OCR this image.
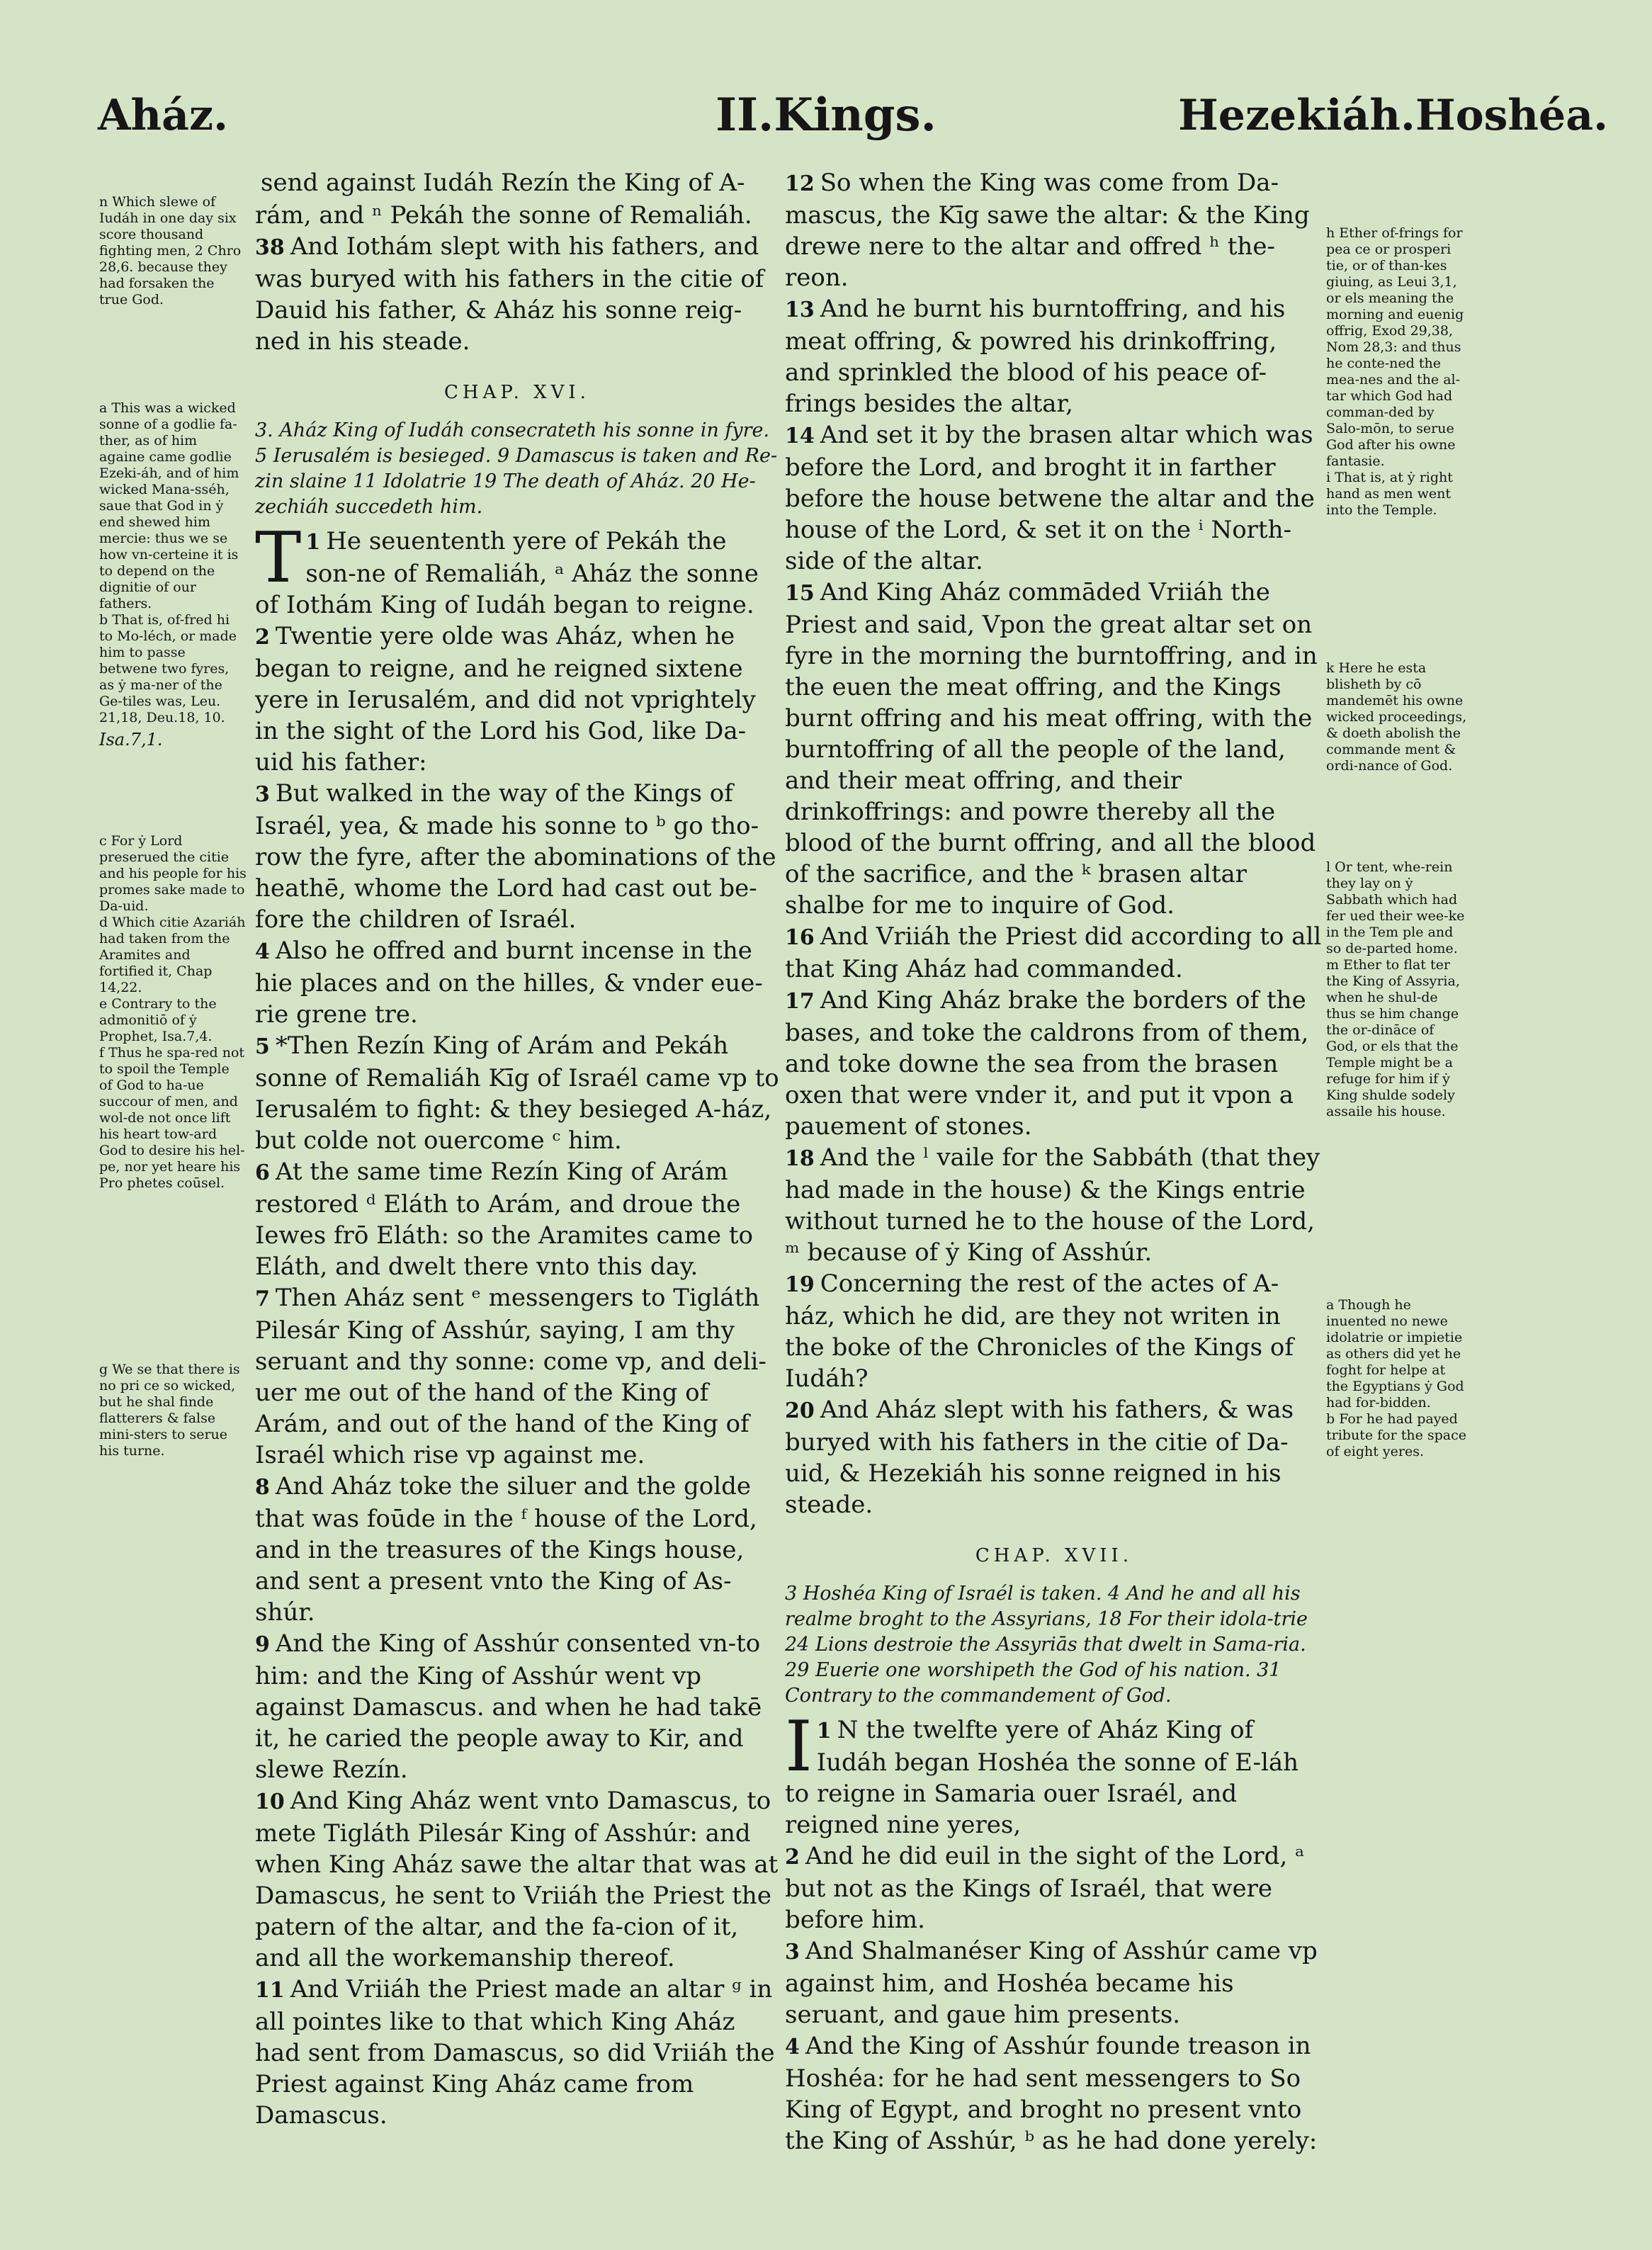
Aház.	II.Kings.	Hezekiáh.Hoshéa.

n Which slewe of Iudáh in one day six score thousand fighting men, 2 Chro 28,6. because they had forsaken the true God.

a This was a wicked sonne of a godlie fa-ther, as of him againe came godlie Ezeki-áh, and of him wicked Mana-sséh, saue that God in ẏ end shewed him mercie: thus we se how vn-certeine it is to depend on the dignitie of our fathers.

b That is, of-fred hi to Mo-léch, or made him to passe betwene two fyres, as ẏ ma-ner of the Ge-tiles was, Leu. 21,18, Deu.18, 10.

Isa.7,1.

c For ẏ Lord preserued the citie and his people for his promes sake made to Da-uid.

d Which citie Azariáh had taken from the Aramites and fortified it, Chap 14,22.

e Contrary to the admonitiō of ẏ Prophet, Isa.7,4.

f Thus he spa-red not to spoil the Temple of God to ha-ue succour of men, and wol-de not once lift his heart tow-ard God to desire his hel-pe, nor yet heare his Pro phetes coūsel.

g We se that there is no pri ce so wicked, but he shal finde flatterers & false mini-sters to serue his turne.

send against Iudáh Rezín the King of A-rám, and ⁿ Pekáh the sonne of Remaliáh.

38 And Iothám slept with his fathers, and was buryed with his fathers in the citie of Dauid his father, & Aház his sonne reig-ned in his steade.

CHAP. XVI.

3. Aház King of Iudáh consecrateth his sonne in fyre. 5 Ierusalém is besieged. 9 Damascus is taken and Re-zin slaine 11 Idolatrie 19 The death of Aház. 20 He-zechiáh succedeth him.

T 1 He seuententh yere of Pekáh the son-ne of Remaliáh, ᵃ Aház the sonne of Iothám King of Iudáh began to reigne.

2 Twentie yere olde was Aház, when he began to reigne, and he reigned sixtene yere in Ierusalém, and did not vprightely in the sight of the Lord his God, like Da-uid his father:

3 But walked in the way of the Kings of Israél, yea, & made his sonne to ᵇ go tho-row the fyre, after the abominations of the heathē, whome the Lord had cast out be-fore the children of Israél.

4 Also he offred and burnt incense in the hie places and on the hilles, & vnder eue-rie grene tre.

5 *Then Rezín King of Arám and Pekáh sonne of Remaliáh Kīg of Israél came vp to Ierusalém to fight: & they besieged A-ház, but colde not ouercome ᶜ him.

6 At the same time Rezín King of Arám restored ᵈ Eláth to Arám, and droue the Iewes frō Eláth: so the Aramites came to Eláth, and dwelt there vnto this day.

7 Then Aház sent ᵉ messengers to Tigláth Pilesár King of Asshúr, saying, I am thy seruant and thy sonne: come vp, and deli-uer me out of the hand of the King of Arám, and out of the hand of the King of Israél which rise vp against me.

8 And Aház toke the siluer and the golde that was foūde in the ᶠ house of the Lord, and in the treasures of the Kings house, and sent a present vnto the King of As-shúr.

9 And the King of Asshúr consented vn-to him: and the King of Asshúr went vp against Damascus. and when he had takē it, he caried the people away to Kir, and slewe Rezín.

10 And King Aház went vnto Damascus, to mete Tigláth Pilesár King of Asshúr: and when King Aház sawe the altar that was at Damascus, he sent to Vriiáh the Priest the patern of the altar, and the fa-cion of it, and all the workemanship thereof.

11 And Vriiáh the Priest made an altar ᵍ in all pointes like to that which King Aház had sent from Damascus, so did Vriiáh the Priest against King Aház came from Damascus.

12 So when the King was come from Da-mascus, the Kīg sawe the altar: & the King drewe nere to the altar and offred ʰ the-reon.

13 And he burnt his burntoffring, and his meat offring, & powred his drinkoffring, and sprinkled the blood of his peace of-frings besides the altar,

14 And set it by the brasen altar which was before the Lord, and broght it in farther before the house betwene the altar and the house of the Lord, & set it on the ⁱ North-side of the altar.

15 And King Aház commāded Vriiáh the Priest and said, Vpon the great altar set on fyre in the morning the burntoffring, and in the euen the meat offring, and the Kings burnt offring and his meat offring, with the burntoffring of all the people of the land, and their meat offring, and their drinkoffrings: and powre thereby all the blood of the burnt offring, and all the blood of the sacrifice, and the ᵏ brasen altar shalbe for me to inquire of God.

16 And Vriiáh the Priest did according to all that King Aház had commanded.

17 And King Aház brake the borders of the bases, and toke the caldrons from of them, and toke downe the sea from the brasen oxen that were vnder it, and put it vpon a pauement of stones.

18 And the ˡ vaile for the Sabbáth (that they had made in the house) & the Kings entrie without turned he to the house of the Lord, ᵐ because of ẏ King of Asshúr.

19 Concerning the rest of the actes of A-ház, which he did, are they not writen in the boke of the Chronicles of the Kings of Iudáh?

20 And Aház slept with his fathers, & was buryed with his fathers in the citie of Da-uid, & Hezekiáh his sonne reigned in his steade.

CHAP. XVII.

3 Hoshéa King of Israél is taken. 4 And he and all his realme broght to the Assyrians, 18 For their idola-trie 24 Lions destroie the Assyriās that dwelt in Sama-ria. 29 Euerie one worshipeth the God of his nation. 31 Contrary to the commandement of God.

I 1 N the twelfte yere of Aház King of Iudáh began Hoshéa the sonne of E-láh to reigne in Samaria ouer Israél, and reigned nine yeres,

2 And he did euil in the sight of the Lord, ᵃ but not as the Kings of Israél, that were before him.

3 And Shalmanéser King of Asshúr came vp against him, and Hoshéa became his seruant, and gaue him presents.

4 And the King of Asshúr founde treason in Hoshéa: for he had sent messengers to So King of Egypt, and broght no present vnto the King of Asshúr, ᵇ as he had done yerely:

h Ether of-frings for pea ce or prosperi tie, or of than-kes giuing, as Leui 3,1, or els meaning the morning and euenig offrig, Exod 29,38, Nom 28,3: and thus he conte-ned the mea-nes and the al-tar which God had comman-ded by Salo-mōn, to serue God after his owne fantasie.

i That is, at ẏ right hand as men went into the Temple.

k Here he esta blisheth by cō mandemēt his owne wicked proceedings, & doeth abolish the commande ment & ordi-nance of God.

l Or tent, whe-rein they lay on ẏ Sabbath which had fer ued their wee-ke in the Tem ple and so de-parted home.

m Ether to flat ter the King of Assyria, when he shul-de thus se him change the or-dināce of God, or els that the Temple might be a refuge for him if ẏ King shulde sodely assaile his house.

a Though he inuented no newe idolatrie or impietie as others did yet he foght for helpe at the Egyptians ẏ God had for-bidden.

b For he had payed tribute for the space of eight yeres.
